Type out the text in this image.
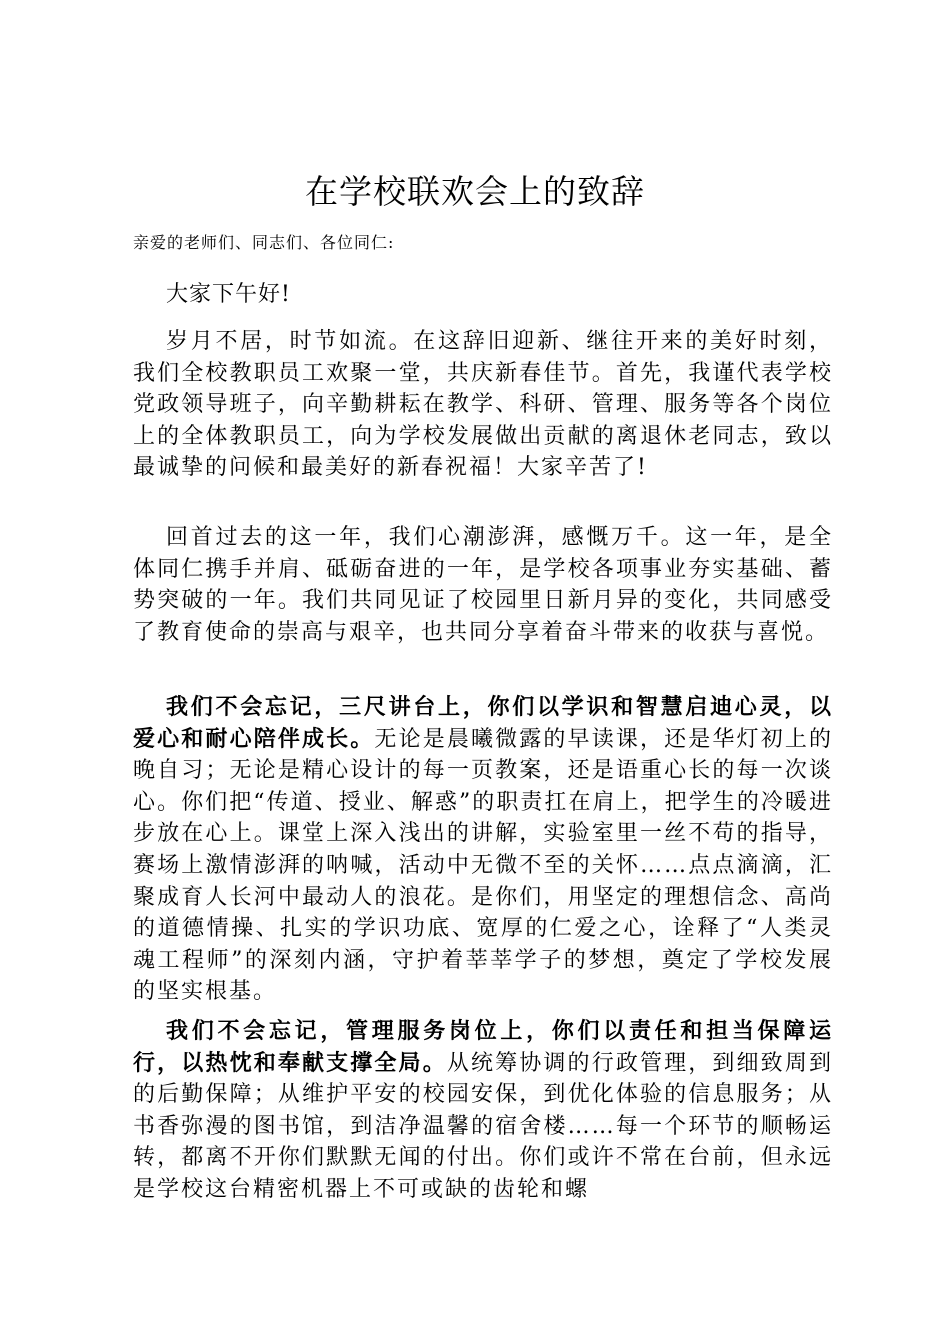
在学校联欢会上的致辞

亲爱的老师们、同志们、各位同仁:

大家下午好!

岁月不居，时节如流。在这辞旧迎新、继往开来的美好时刻，我们全校教职员工欢聚一堂，共庆新春佳节。首先，我谨代表学校党政领导班子，向辛勤耕耘在教学、科研、管理、服务等各个岗位上的全体教职员工，向为学校发展做出贡献的离退休老同志，致以最诚挚的问候和最美好的新春祝福！大家辛苦了!

回首过去的这一年，我们心潮澎湃，感慨万千。这一年，是全体同仁携手并肩、砥砺奋进的一年，是学校各项事业夯实基础、蓄势突破的一年。我们共同见证了校园里日新月异的变化，共同感受了教育使命的崇高与艰辛，也共同分享着奋斗带来的收获与喜悦。

我们不会忘记，三尺讲台上，你们以学识和智慧启迪心灵，以爱心和耐心陪伴成长。无论是晨曦微露的早读课，还是华灯初上的晚自习；无论是精心设计的每一页教案，还是语重心长的每一次谈心。你们把“传道、授业、解惑”的职责扛在肩上，把学生的冷暖进步放在心上。课堂上深入浅出的讲解，实验室里一丝不苟的指导，赛场上激情澎湃的呐喊，活动中无微不至的关怀……点点滴滴，汇聚成育人长河中最动人的浪花。是你们，用坚定的理想信念、高尚的道德情操、扎实的学识功底、宽厚的仁爱之心，诠释了“人类灵魂工程师”的深刻内涵，守护着莘莘学子的梦想，奠定了学校发展的坚实根基。

我们不会忘记，管理服务岗位上，你们以责任和担当保障运行，以热忱和奉献支撑全局。从统筹协调的行政管理，到细致周到的后勤保障；从维护平安的校园安保，到优化体验的信息服务；从书香弥漫的图书馆，到洁净温馨的宿舍楼……每一个环节的顺畅运转，都离不开你们默默无闻的付出。你们或许不常在台前，但永远是学校这台精密机器上不可或缺的齿轮和螺
